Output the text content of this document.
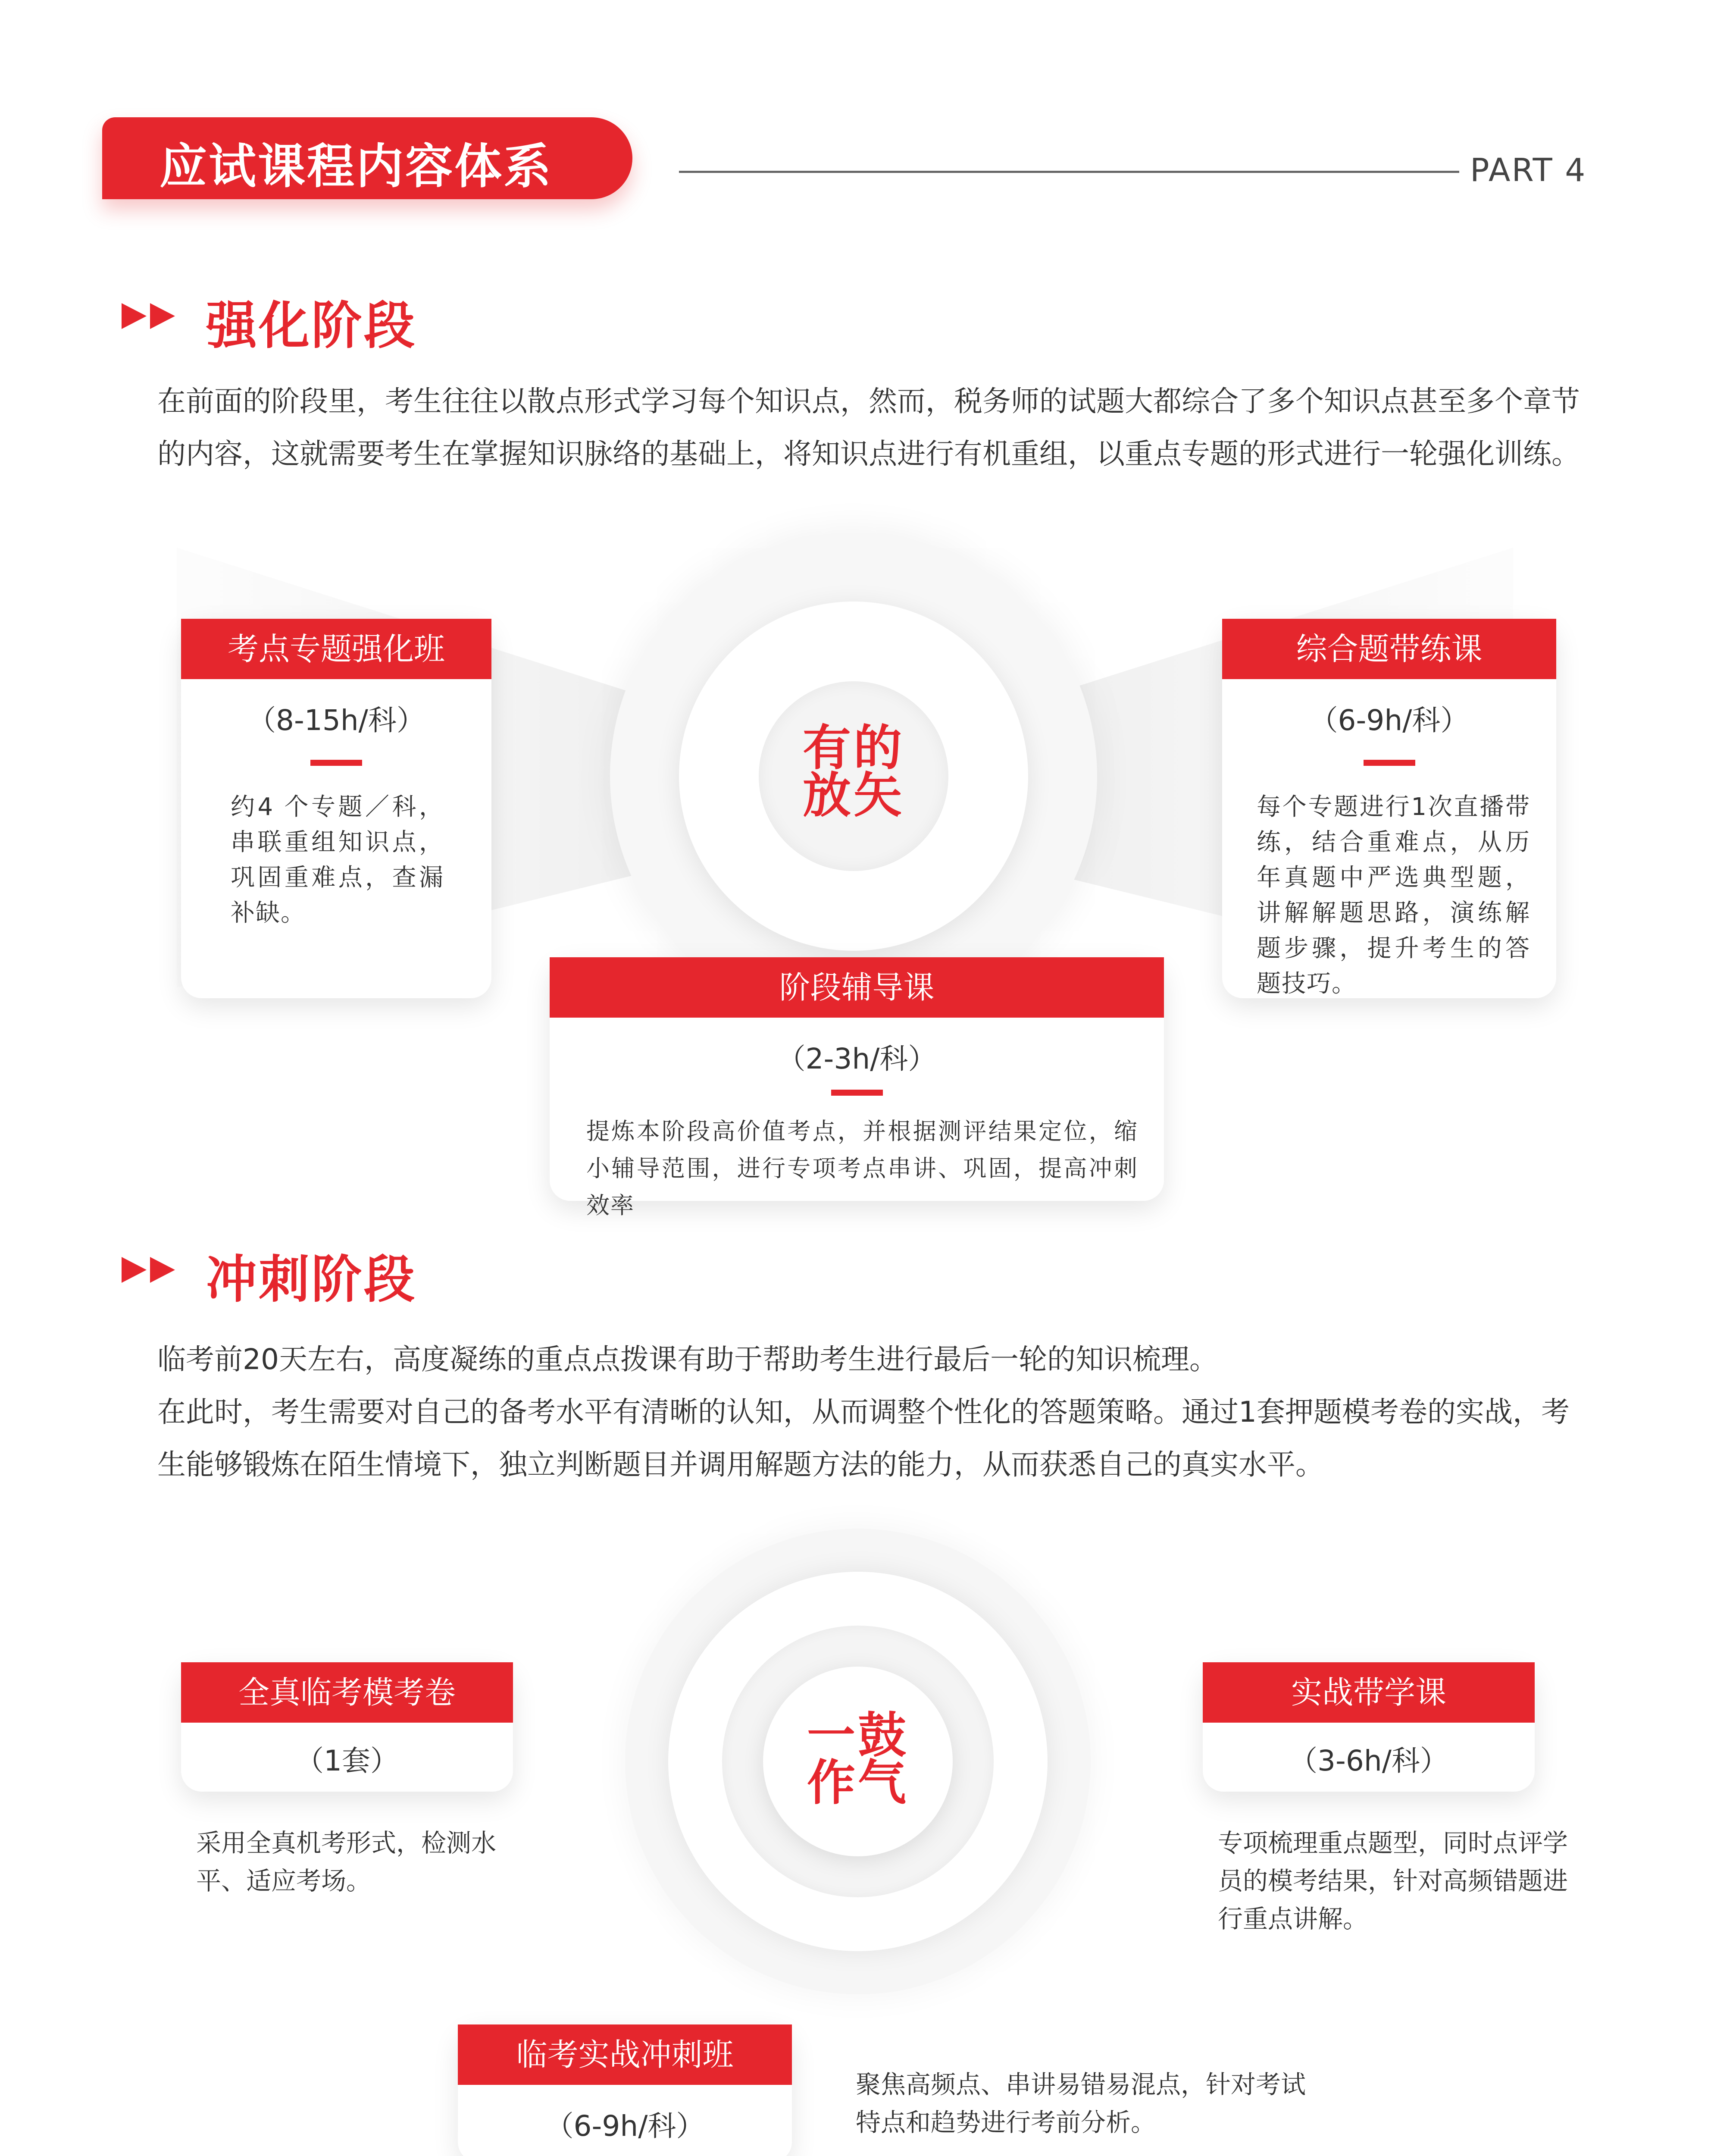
应试课程内容体系	PART 4
强化阶段
在前面的阶段里，考生往往以散点形式学习每个知识点，然而，税务师的试题大都综合了多个知识点甚至多个章节的内容，这就需要考生在掌握知识脉络的基础上，将知识点进行有机重组，以重点专题的形式进行一轮强化训练。
有的
放矢
考点专题强化班
（8-15h/科）
约4 个专题／科，串联重组知识点，巩固重难点，查漏补缺。
综合题带练课
（6-9h/科）
每个专题进行1次直播带练，结合重难点，从历年真题中严选典型题，讲解解题思路，演练解题步骤，提升考生的答题技巧。
阶段辅导课
（2-3h/科）
提炼本阶段高价值考点，并根据测评结果定位，缩小辅导范围，进行专项考点串讲、巩固，提高冲刺效率
冲刺阶段
临考前20天左右，高度凝练的重点点拨课有助于帮助考生进行最后一轮的知识梳理。
在此时，考生需要对自己的备考水平有清晰的认知，从而调整个性化的答题策略。通过1套押题模考卷的实战，考生能够锻炼在陌生情境下，独立判断题目并调用解题方法的能力，从而获悉自己的真实水平。
一鼓
作气
全真临考模考卷
（1套）
采用全真机考形式，检测水平、适应考场。
实战带学课
（3-6h/科）
专项梳理重点题型，同时点评学员的模考结果，针对高频错题进行重点讲解。
临考实战冲刺班
（6-9h/科）
聚焦高频点、串讲易错易混点，针对考试特点和趋势进行考前分析。
